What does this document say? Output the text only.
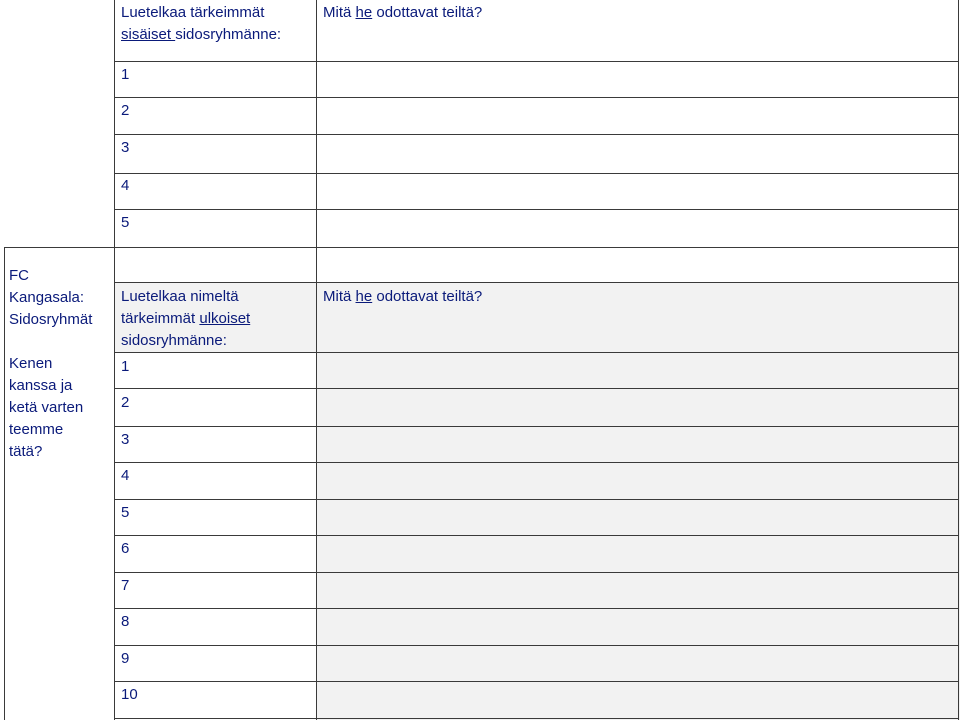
Luetelkaa tärkeimmät
sisäiset sidosryhmänne:
Mitä he odottavat teiltä?
1
2
3
4
5
FC
Kangasala:
Sidosryhmät
Kenen
kanssa ja
ketä varten
teemme
tätä?
Luetelkaa nimeltä
tärkeimmät ulkoiset
sidosryhmänne:
Mitä he odottavat teiltä?
1
2
3
4
5
6
7
8
9
10
